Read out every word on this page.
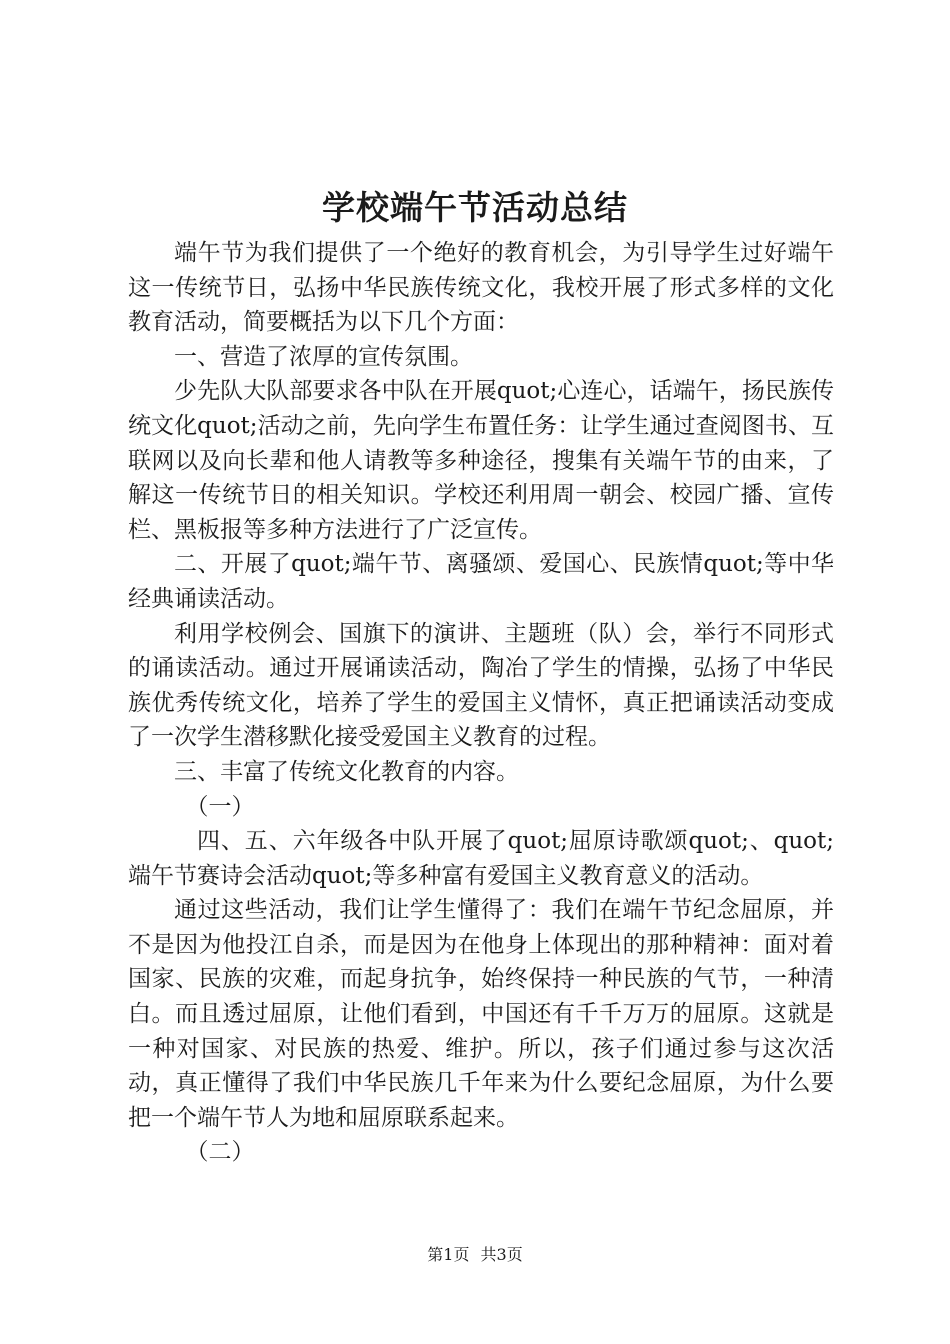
学校端午节活动总结

端午节为我们提供了一个绝好的教育机会，为引导学生过好端午这一传统节日，弘扬中华民族传统文化，我校开展了形式多样的文化教育活动，简要概括为以下几个方面：

一、营造了浓厚的宣传氛围。

少先队大队部要求各中队在开展quot;心连心，话端午，扬民族传统文化quot;活动之前，先向学生布置任务：让学生通过查阅图书、互联网以及向长辈和他人请教等多种途径，搜集有关端午节的由来，了解这一传统节日的相关知识。学校还利用周一朝会、校园广播、宣传栏、黑板报等多种方法进行了广泛宣传。

二、开展了quot;端午节、离骚颂、爱国心、民族情quot;等中华经典诵读活动。

利用学校例会、国旗下的演讲、主题班（队）会，举行不同形式的诵读活动。通过开展诵读活动，陶冶了学生的情操，弘扬了中华民族优秀传统文化，培养了学生的爱国主义情怀，真正把诵读活动变成了一次学生潜移默化接受爱国主义教育的过程。

三、丰富了传统文化教育的内容。

（一）

四、五、六年级各中队开展了quot;屈原诗歌颂quot;、quot;端午节赛诗会活动quot;等多种富有爱国主义教育意义的活动。

通过这些活动，我们让学生懂得了：我们在端午节纪念屈原，并不是因为他投江自杀，而是因为在他身上体现出的那种精神：面对着国家、民族的灾难，而起身抗争，始终保持一种民族的气节，一种清白。而且透过屈原，让他们看到，中国还有千千万万的屈原。这就是一种对国家、对民族的热爱、维护。所以，孩子们通过参与这次活动，真正懂得了我们中华民族几千年来为什么要纪念屈原，为什么要把一个端午节人为地和屈原联系起来。

（二）

第1页 共3页
